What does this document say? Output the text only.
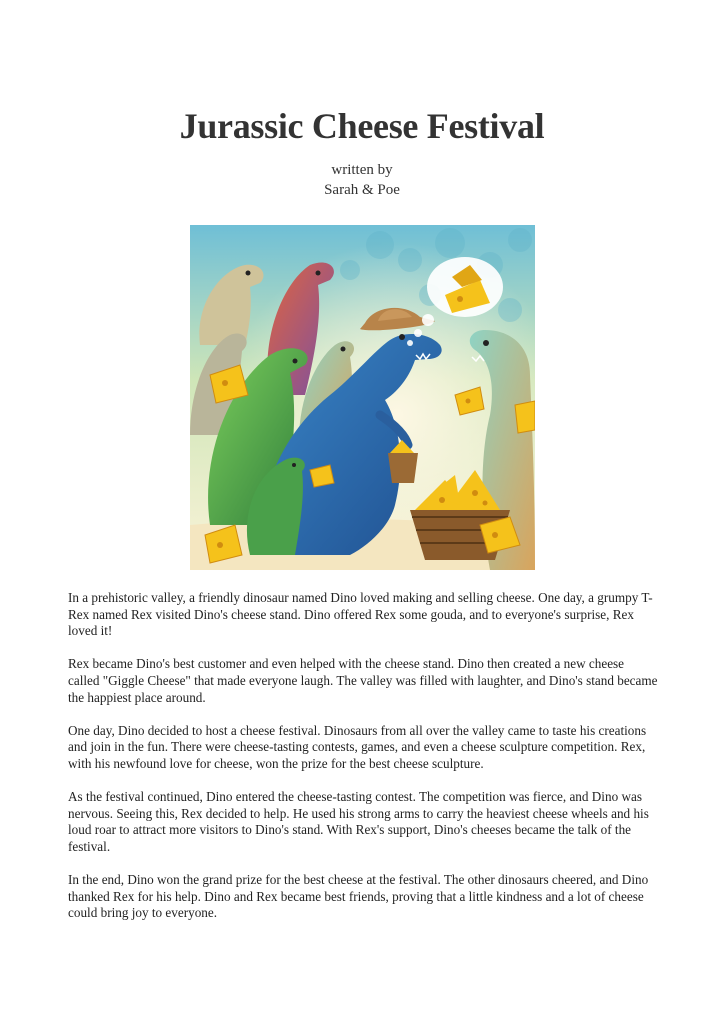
Jurassic Cheese Festival
written by
Sarah & Poe

In a prehistoric valley, a friendly dinosaur named Dino loved making and selling cheese. One day, a grumpy T-Rex named Rex visited Dino's cheese stand. Dino offered Rex some gouda, and to everyone's surprise, Rex loved it!

Rex became Dino's best customer and even helped with the cheese stand. Dino then created a new cheese called "Giggle Cheese" that made everyone laugh. The valley was filled with laughter, and Dino's stand became the happiest place around.

One day, Dino decided to host a cheese festival. Dinosaurs from all over the valley came to taste his creations and join in the fun. There were cheese-tasting contests, games, and even a cheese sculpture competition. Rex, with his newfound love for cheese, won the prize for the best cheese sculpture.

As the festival continued, Dino entered the cheese-tasting contest. The competition was fierce, and Dino was nervous. Seeing this, Rex decided to help. He used his strong arms to carry the heaviest cheese wheels and his loud roar to attract more visitors to Dino's stand. With Rex's support, Dino's cheeses became the talk of the festival.

In the end, Dino won the grand prize for the best cheese at the festival. The other dinosaurs cheered, and Dino thanked Rex for his help. Dino and Rex became best friends, proving that a little kindness and a lot of cheese could bring joy to everyone.
